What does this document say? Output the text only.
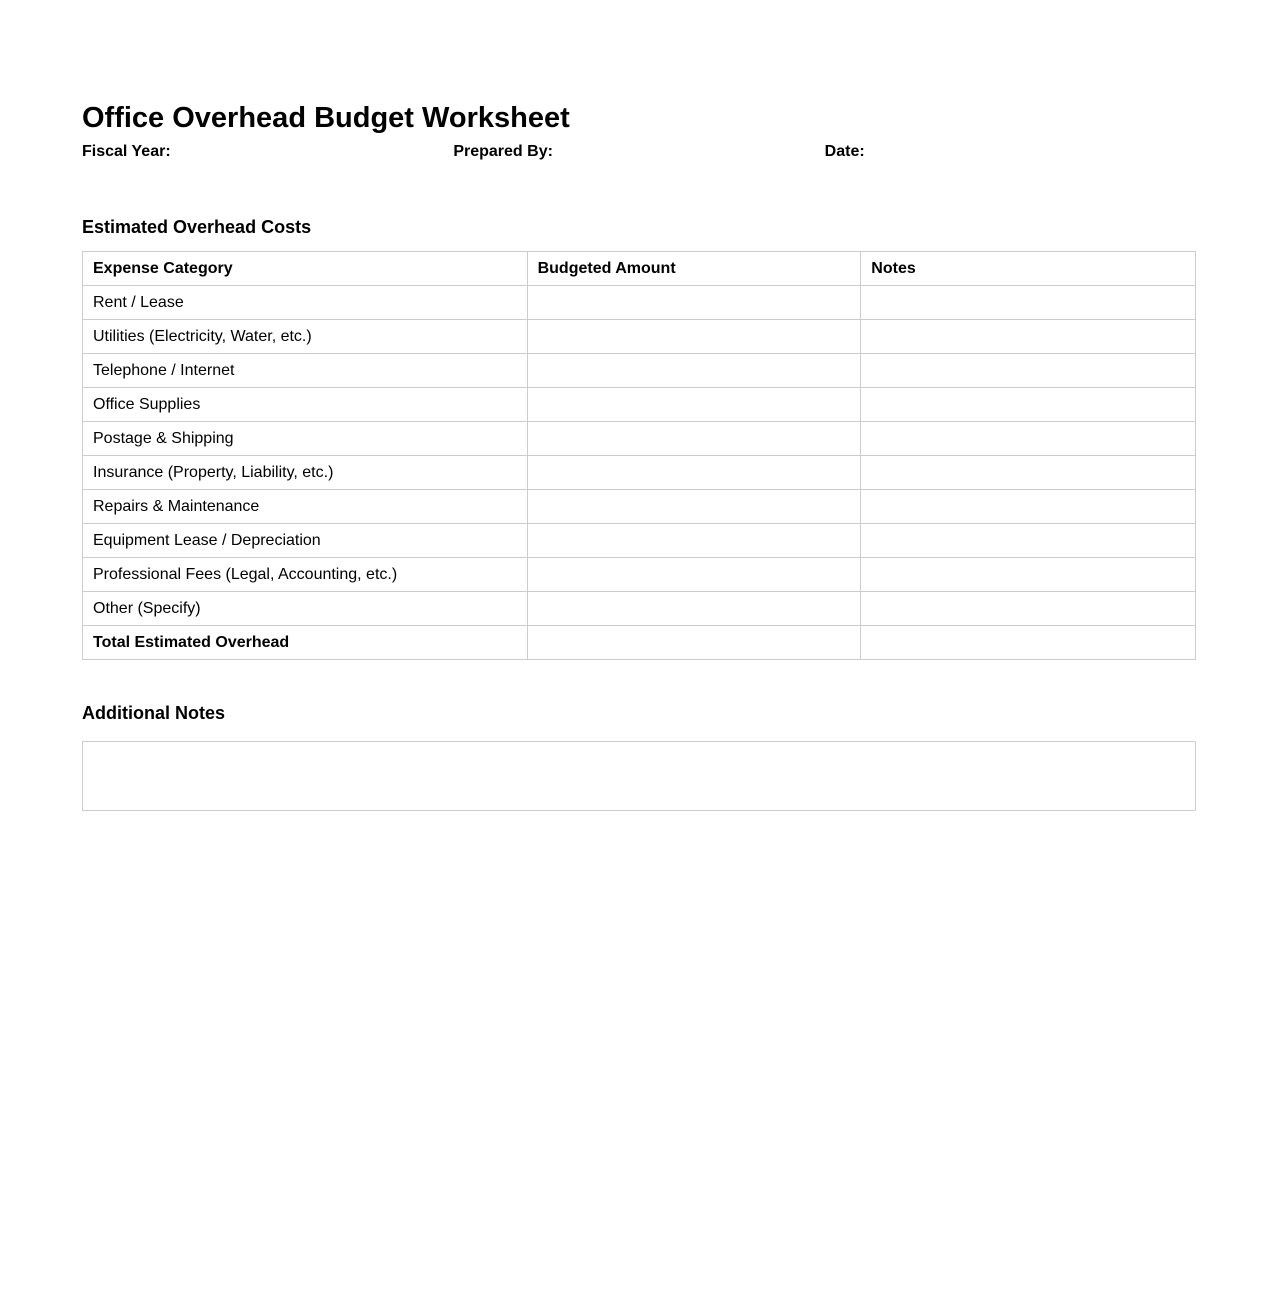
Office Overhead Budget Worksheet
Fiscal Year:	Prepared By:	Date:
Estimated Overhead Costs
Expense Category	Budgeted Amount	Notes
Rent / Lease		
Utilities (Electricity, Water, etc.)		
Telephone / Internet		
Office Supplies		
Postage & Shipping		
Insurance (Property, Liability, etc.)		
Repairs & Maintenance		
Equipment Lease / Depreciation		
Professional Fees (Legal, Accounting, etc.)		
Other (Specify)		
Total Estimated Overhead		
Additional Notes
